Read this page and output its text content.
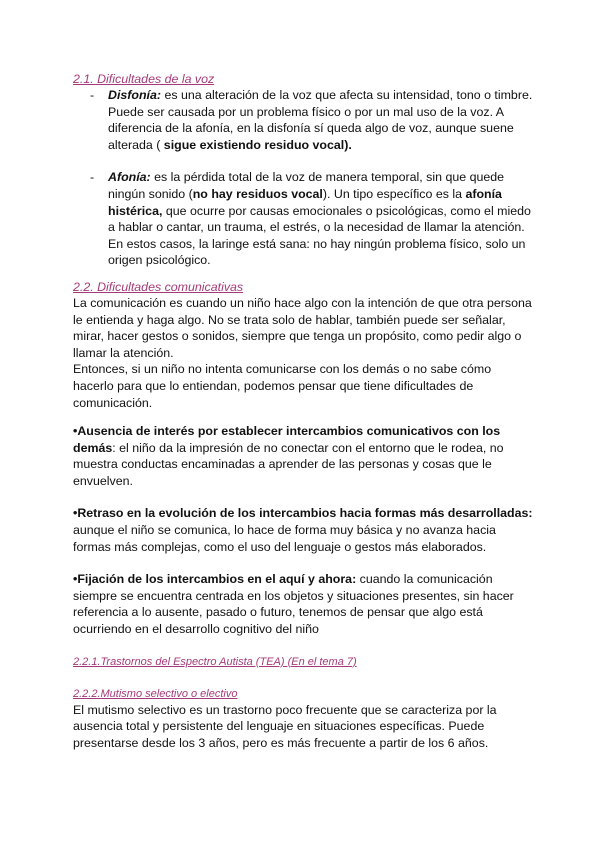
2.1. Dificultades de la voz
- Disfonía: es una alteración de la voz que afecta su intensidad, tono o timbre. Puede ser causada por un problema físico o por un mal uso de la voz. A diferencia de la afonía, en la disfonía sí queda algo de voz, aunque suene alterada ( sigue existiendo residuo vocal).
- Afonía: es la pérdida total de la voz de manera temporal, sin que quede ningún sonido (no hay residuos vocal). Un tipo específico es la afonía histérica, que ocurre por causas emocionales o psicológicas, como el miedo a hablar o cantar, un trauma, el estrés, o la necesidad de llamar la atención. En estos casos, la laringe está sana: no hay ningún problema físico, solo un origen psicológico.
2.2. Dificultades comunicativas

La comunicación es cuando un niño hace algo con la intención de que otra persona le entienda y haga algo. No se trata solo de hablar, también puede ser señalar, mirar, hacer gestos o sonidos, siempre que tenga un propósito, como pedir algo o llamar la atención.

Entonces, si un niño no intenta comunicarse con los demás o no sabe cómo hacerlo para que lo entiendan, podemos pensar que tiene dificultades de comunicación.

•Ausencia de interés por establecer intercambios comunicativos con los demás: el niño da la impresión de no conectar con el entorno que le rodea, no muestra conductas encaminadas a aprender de las personas y cosas que le envuelven.

•Retraso en la evolución de los intercambios hacia formas más desarrolladas: aunque el niño se comunica, lo hace de forma muy básica y no avanza hacia formas más complejas, como el uso del lenguaje o gestos más elaborados.

•Fijación de los intercambios en el aquí y ahora: cuando la comunicación siempre se encuentra centrada en los objetos y situaciones presentes, sin hacer referencia a lo ausente, pasado o futuro, tenemos de pensar que algo está ocurriendo en el desarrollo cognitivo del niño

2.2.1.Trastornos del Espectro Autista (TEA) (En el tema 7)
2.2.2.Mutismo selectivo o electivo

El mutismo selectivo es un trastorno poco frecuente que se caracteriza por la ausencia total y persistente del lenguaje en situaciones específicas. Puede presentarse desde los 3 años, pero es más frecuente a partir de los 6 años.
